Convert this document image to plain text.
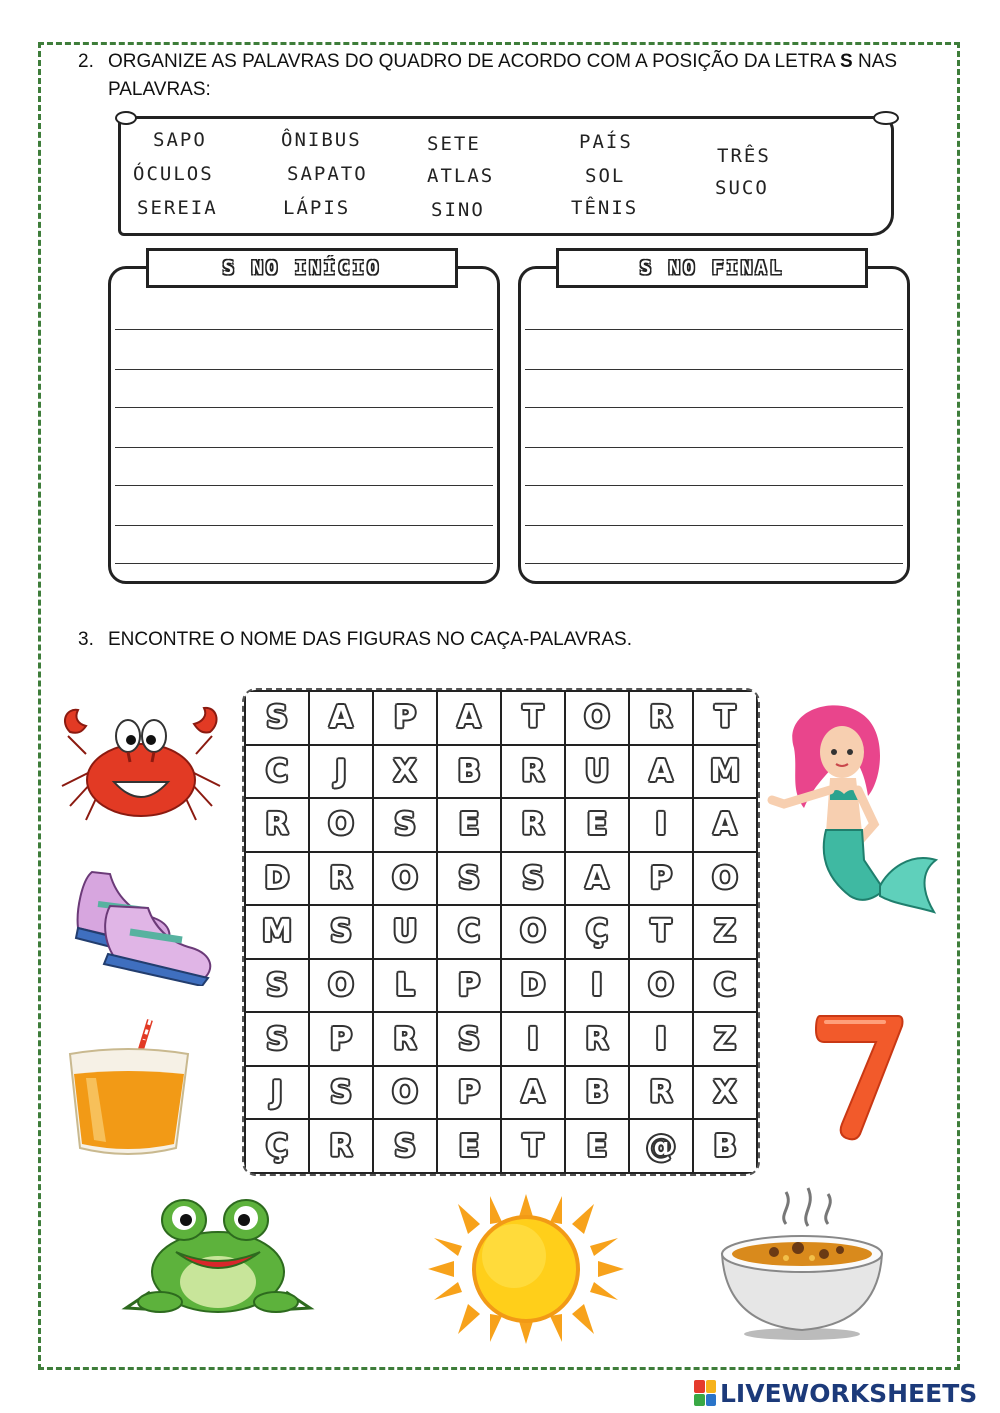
2. ORGANIZE AS PALAVRAS DO QUADRO DE ACORDO COM A POSIÇÃO DA LETRA S NAS
PALAVRAS:
SAPO	ÔNIBUS	SETE	PAÍS
TRÊS
ÓCULOS	SAPATO	ATLAS	SOL
SUCO
SEREIA	LÁPIS	SINO	TÊNIS
S NO INÍCIO	S NO FINAL
3. ENCONTRE O NOME DAS FIGURAS NO CAÇA-PALAVRAS.
S	A	P	A	T	O	R	T
C	J	X	B	R	U	A	M
R	O	S	E	R	E	I	A
D	R	O	S	S	A	P	O
M	S	U	C	O	Ç	T	Z
S	O	L	P	D	I	O	C
S	P	R	S	I	R	I	Z
J	S	O	P	A	B	R	X
Ç	R	S	E	T	E	@	B
LIVEWORKSHEETS
